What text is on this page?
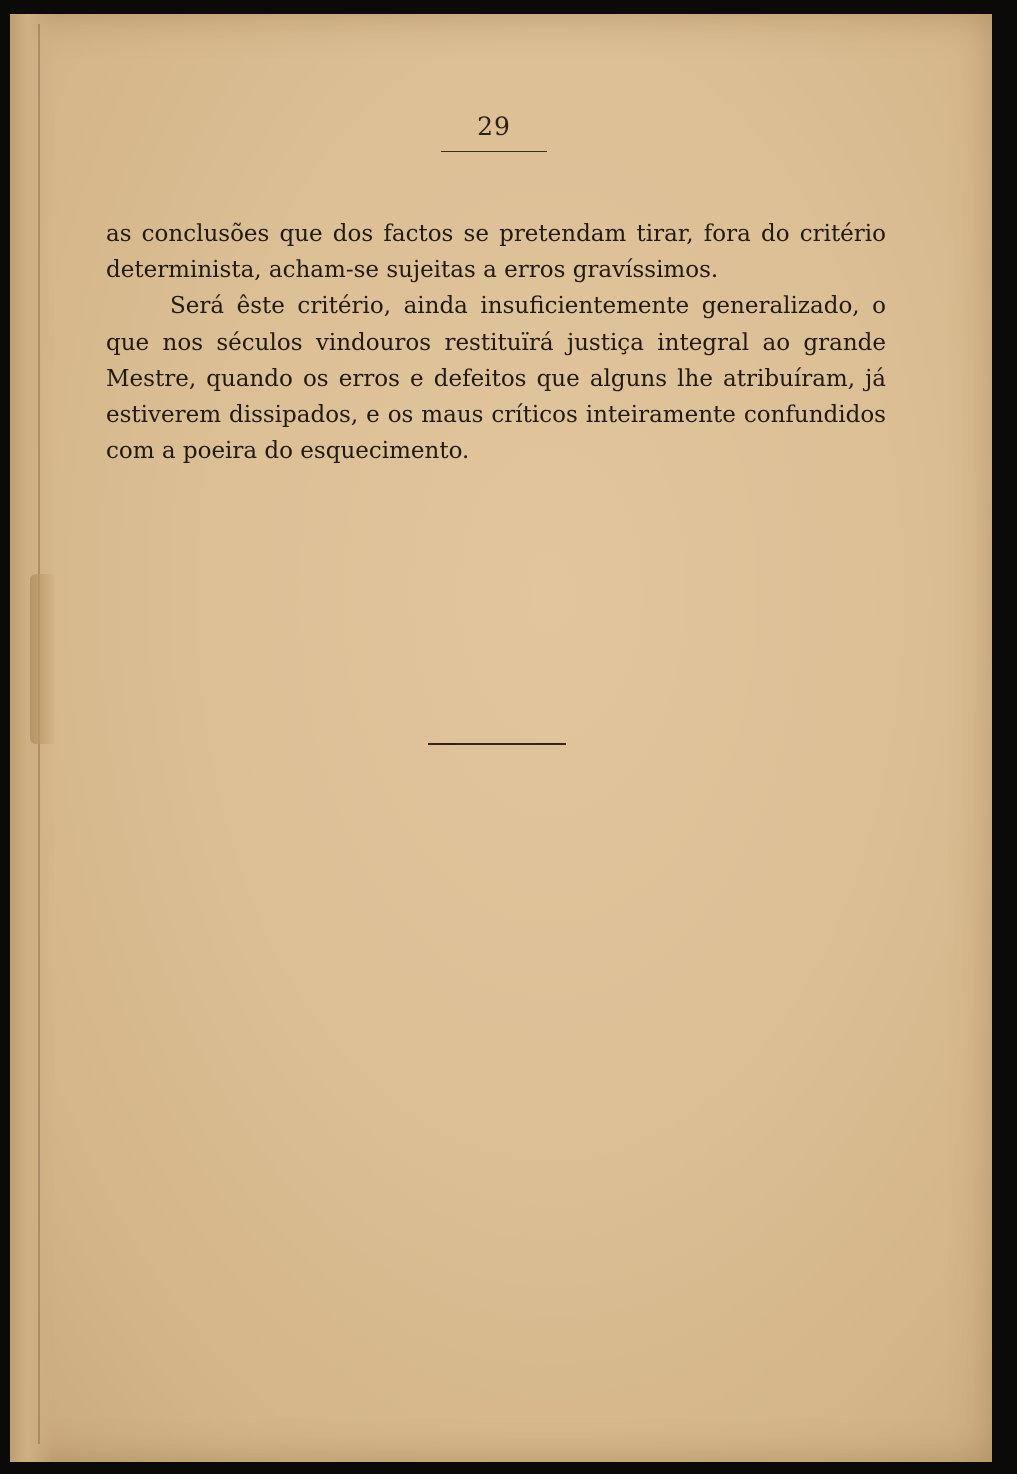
29

as conclusões que dos factos se pretendam tirar, fora do critério determinista, acham-se sujeitas a erros gravíssimos.

Será êste critério, ainda insuficientemente generalizado, o que nos séculos vindouros restituïrá justiça integral ao grande Mestre, quando os erros e defeitos que alguns lhe atribuíram, já estiverem dissipados, e os maus críticos inteiramente confundidos com a poeira do esquecimento.
